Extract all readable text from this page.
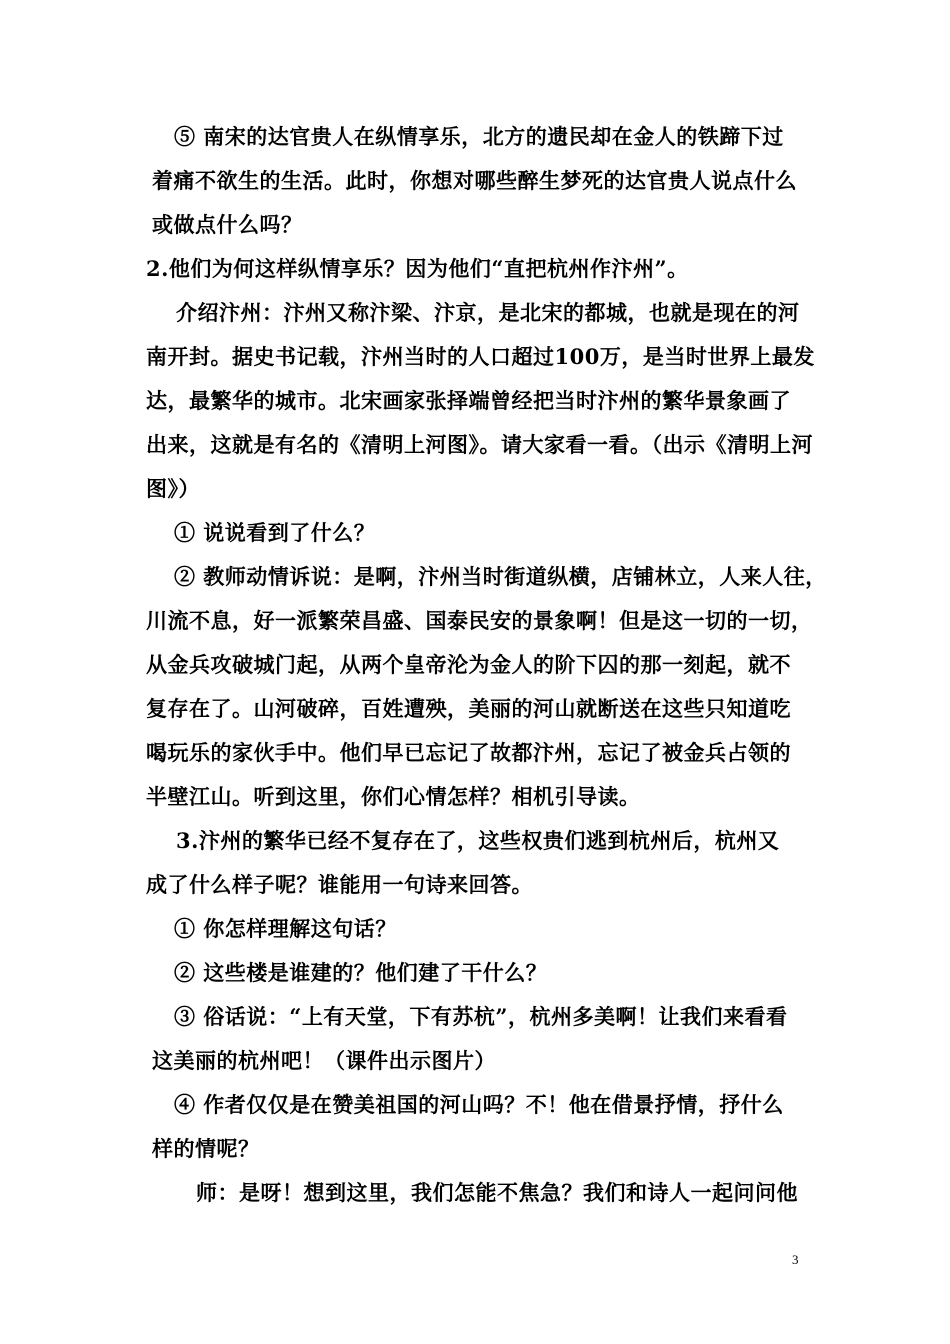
⑤ 南宋的达官贵人在纵情享乐，北方的遗民却在金人的铁蹄下过
着痛不欲生的生活。此时，你想对哪些醉生梦死的达官贵人说点什么
或做点什么吗？
2.他们为何这样纵情享乐？因为他们“直把杭州作汴州”。
介绍汴州：汴州又称汴梁、汴京，是北宋的都城，也就是现在的河
南开封。据史书记载，汴州当时的人口超过100万，是当时世界上最发
达，最繁华的城市。北宋画家张择端曾经把当时汴州的繁华景象画了
出来，这就是有名的《清明上河图》。请大家看一看。（出示《清明上河
图》）
① 说说看到了什么？
② 教师动情诉说：是啊，汴州当时街道纵横，店铺林立，人来人往，
川流不息，好一派繁荣昌盛、国泰民安的景象啊！但是这一切的一切，
从金兵攻破城门起，从两个皇帝沦为金人的阶下囚的那一刻起，就不
复存在了。山河破碎，百姓遭殃，美丽的河山就断送在这些只知道吃
喝玩乐的家伙手中。他们早已忘记了故都汴州，忘记了被金兵占领的
半壁江山。听到这里，你们心情怎样？相机引导读。
3.汴州的繁华已经不复存在了，这些权贵们逃到杭州后，杭州又
成了什么样子呢？谁能用一句诗来回答。
① 你怎样理解这句话？
② 这些楼是谁建的？他们建了干什么？
③ 俗话说：“上有天堂，下有苏杭”，杭州多美啊！让我们来看看
这美丽的杭州吧！（课件出示图片）
④ 作者仅仅是在赞美祖国的河山吗？不！他在借景抒情，抒什么
样的情呢？
师：是呀！想到这里，我们怎能不焦急？我们和诗人一起问问他
3
